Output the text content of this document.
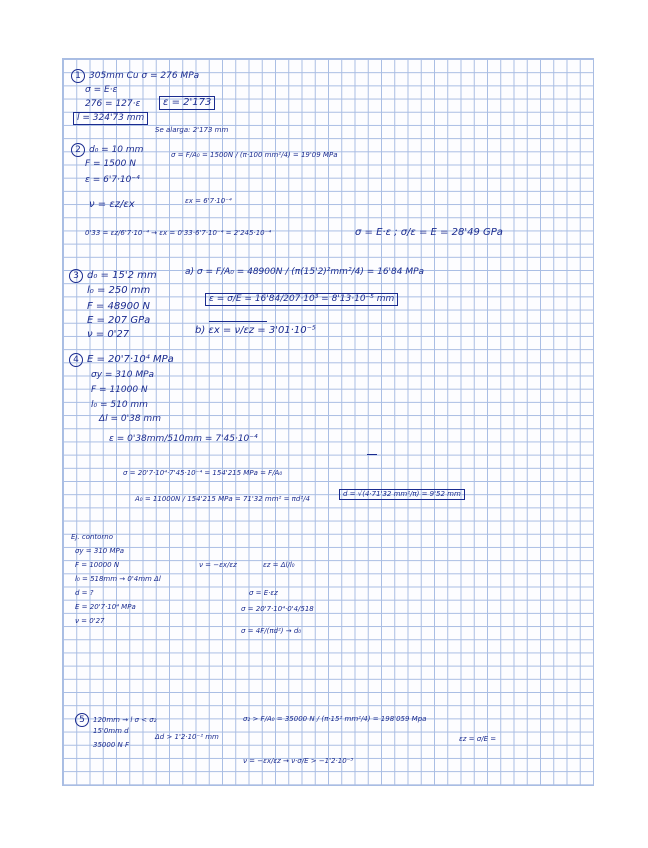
1 305mm Cu σ = 276 MPa
σ = E·ε
276 = 127·ε	ε = 2'173
l = 324'73 mm
Se alarga: 2'173 mm
2 d₀ = 10 mm
F = 1500 N
ε = 6'7·10⁻⁴
σ = F/A₀ = 1500N / (π·100 mm²/4) = 19'09 MPa
ν = εz/εx	εx = 6'7·10⁻⁴
0'33 = εz/6'7·10⁻⁴ → εx = 0'33·6'7·10⁻⁴ = 2'245·10⁻⁴	σ = E·ε ; σ/ε = E = 28'49 GPa
3 d₀ = 15'2 mm
l₀ = 250 mm
F = 48900 N
E = 207 GPa
ν = 0'27
a) σ = F/A₀ = 48900N / (π(15'2)²mm²/4) = 16'84 MPa
ε = σ/E = 16'84/207·10³ = 8'13·10⁻⁵ mm
b) εx = ν/εz = 3'01·10⁻⁵
4 E = 20'7·10⁴ MPa
σy = 310 MPa
F = 11000 N
l₀ = 510 mm
Δl = 0'38 mm
ε = 0'38mm/510mm = 7'45·10⁻⁴
σ = 20'7·10⁴·7'45·10⁻⁴ = 154'215 MPa = F/A₀
A₀ = 11000N / 154'215 MPa = 71'32 mm² = πd²/4
d = √(4·71'32 mm²/π) = 9'52 mm
Ej. contorno
σy = 310 MPa
F = 10000 N
l₀ = 518mm → 0'4mm Δl
d = ?
E = 20'7·10⁴ MPa
ν = 0'27
ν = −εx/εz	εz = Δl/l₀
σ = E·εz
σ = 20'7·10⁴·0'4/518
σ = 4F/(πd²) → d₀
5 120mm → l σ < σ₂
15'0mm d
Δd > 1'2·10⁻² mm
35000 N F
σ₂ > F/A₀ = 35000 N / (π·15² mm²/4) = 198'059 Mpa
εz = σ/E =
ν = −εx/εz → ν·σ/E > −1'2·10⁻³
